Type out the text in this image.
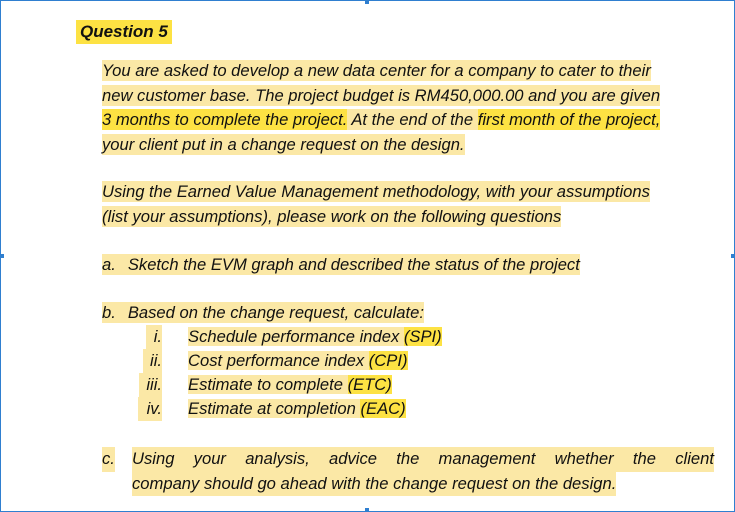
Question 5
You are asked to develop a new data center for a company to cater to their
new customer base. The project budget is RM450,000.00 and you are given
3 months to complete the project. At the end of the first month of the project,
your client put in a change request on the design.
Using the Earned Value Management methodology, with your assumptions
(list your assumptions), please work on the following questions
a. Sketch the EVM graph and described the status of the project
b. Based on the change request, calculate:
i. Schedule performance index (SPI)
ii. Cost performance index (CPI)
iii. Estimate to complete (ETC)
iv. Estimate at completion (EAC)
c. Using your analysis, advice the management whether the client
company should go ahead with the change request on the design.
